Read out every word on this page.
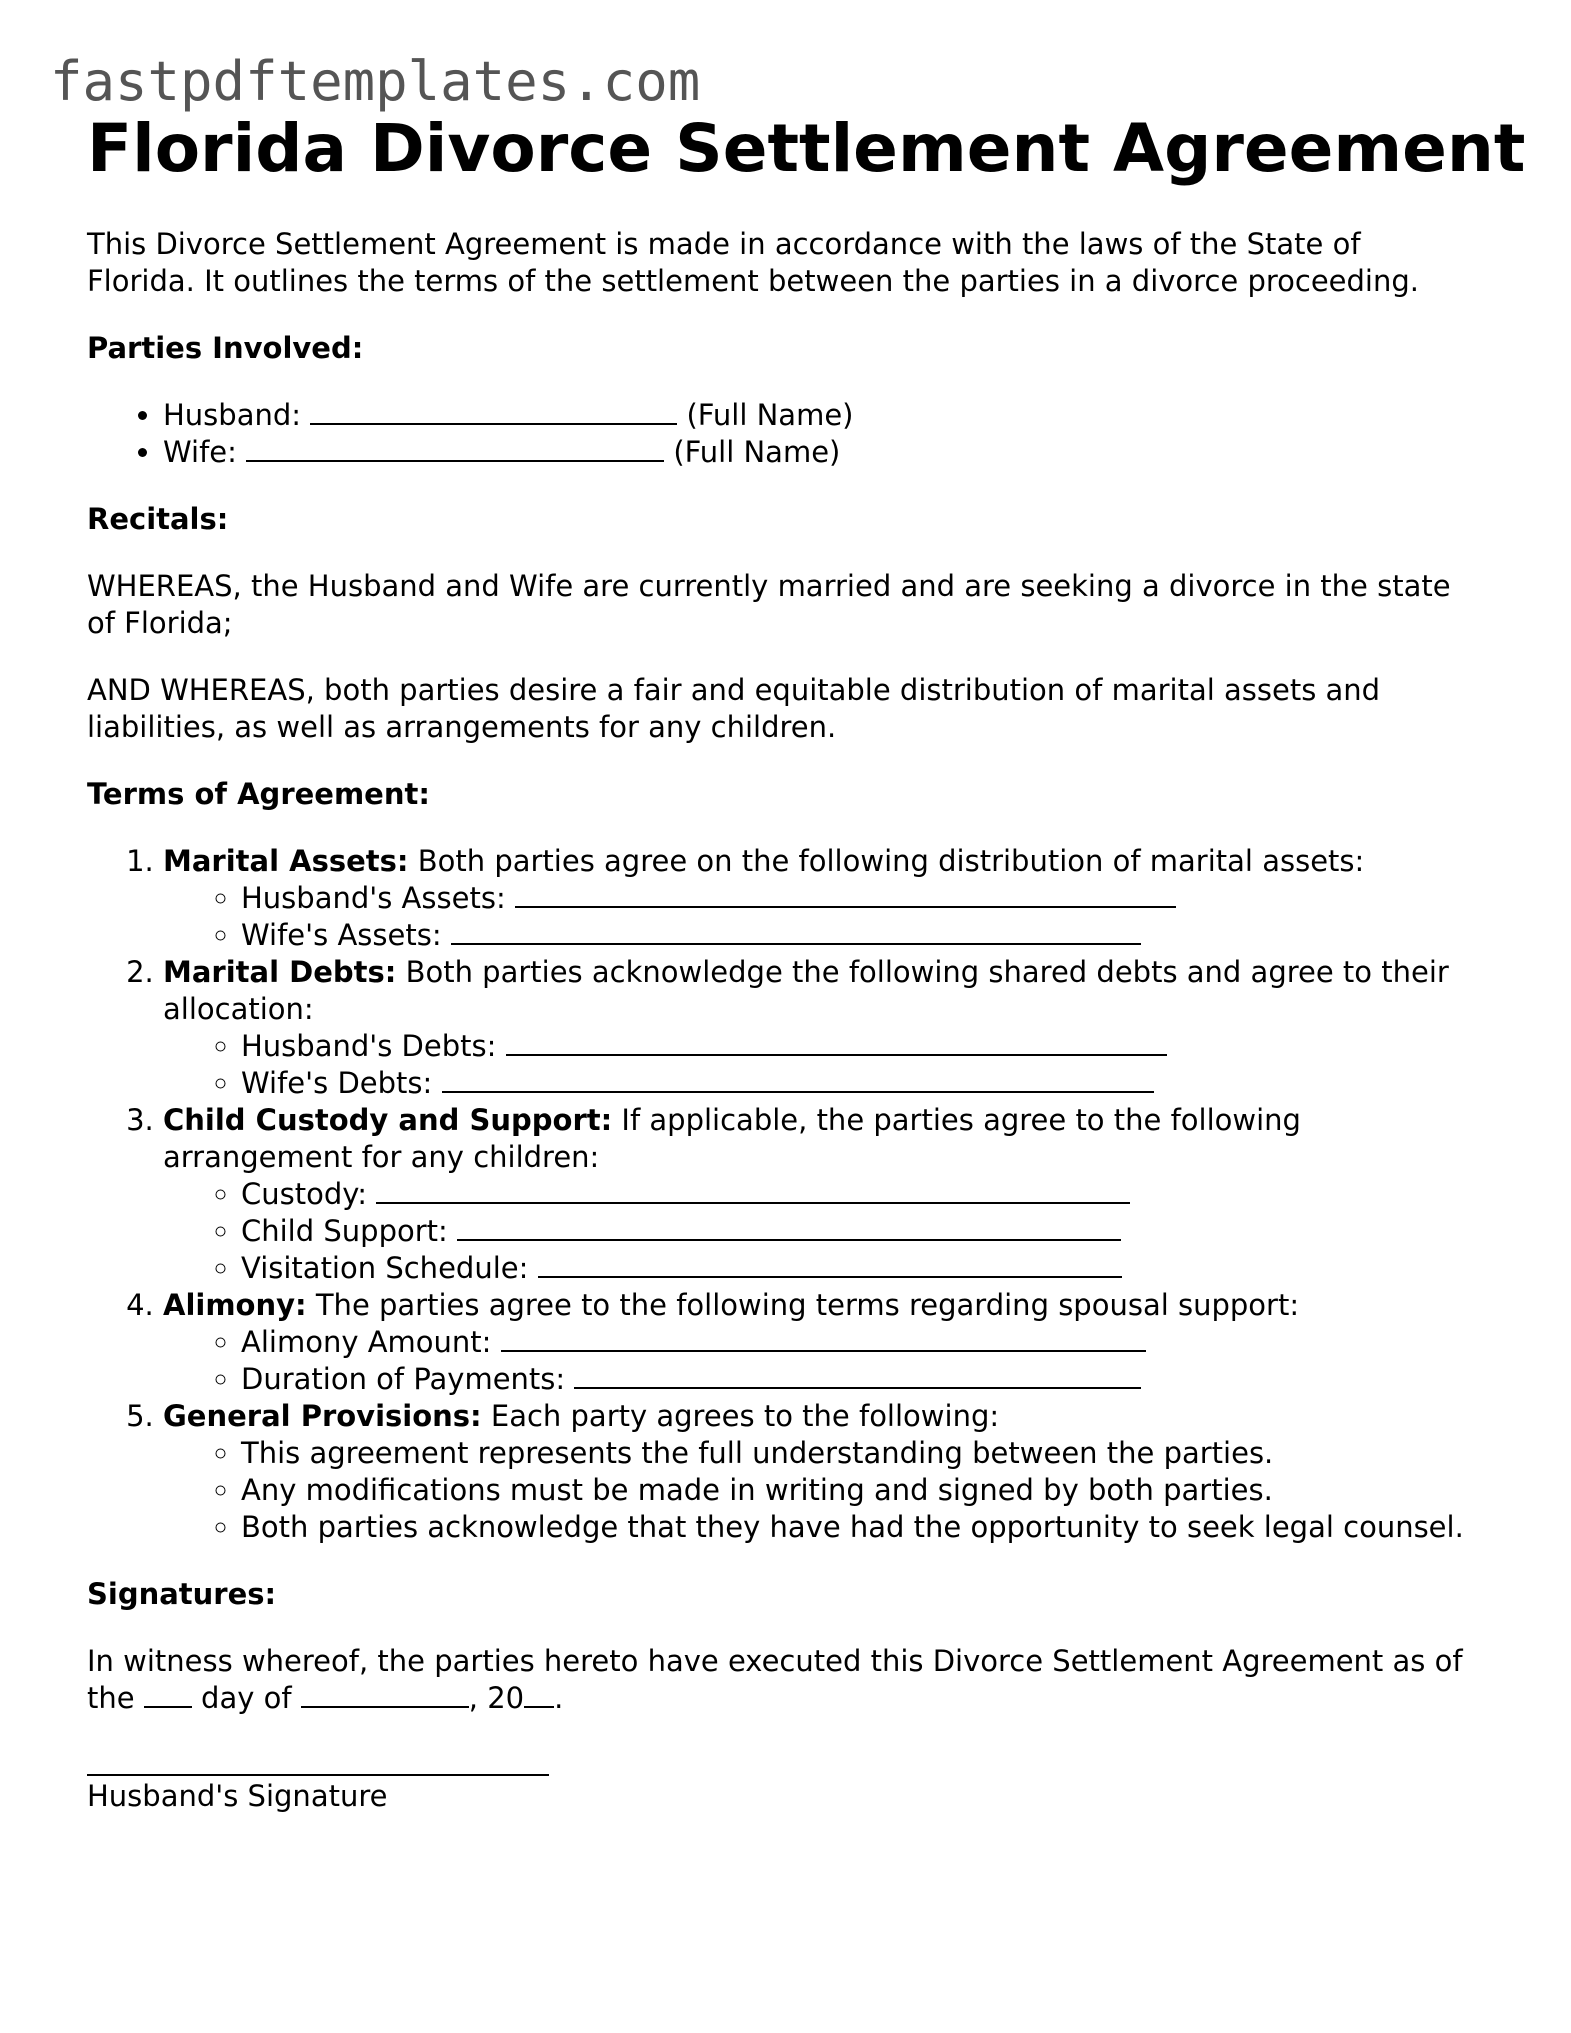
fastpdftemplates.com
Florida Divorce Settlement Agreement

This Divorce Settlement Agreement is made in accordance with the laws of the State of Florida. It outlines the terms of the settlement between the parties in a divorce proceeding.

Parties Involved:

• Husband:	(Full Name)
• Wife:	(Full Name)

Recitals:

WHEREAS, the Husband and Wife are currently married and are seeking a divorce in the state of Florida;

AND WHEREAS, both parties desire a fair and equitable distribution of marital assets and liabilities, as well as arrangements for any children.

Terms of Agreement:

1. Marital Assets: Both parties agree on the following distribution of marital assets:
◦ Husband's Assets:
◦ Wife's Assets:
2. Marital Debts: Both parties acknowledge the following shared debts and agree to their allocation:
◦ Husband's Debts:
◦ Wife's Debts:
3. Child Custody and Support: If applicable, the parties agree to the following arrangement for any children:
◦ Custody:
◦ Child Support:
◦ Visitation Schedule:
4. Alimony: The parties agree to the following terms regarding spousal support:
◦ Alimony Amount:
◦ Duration of Payments:
5. General Provisions: Each party agrees to the following:
◦ This agreement represents the full understanding between the parties.
◦ Any modifications must be made in writing and signed by both parties.
◦ Both parties acknowledge that they have had the opportunity to seek legal counsel.

Signatures:

In witness whereof, the parties hereto have executed this Divorce Settlement Agreement as of the day of	, 20 .

Husband's Signature
